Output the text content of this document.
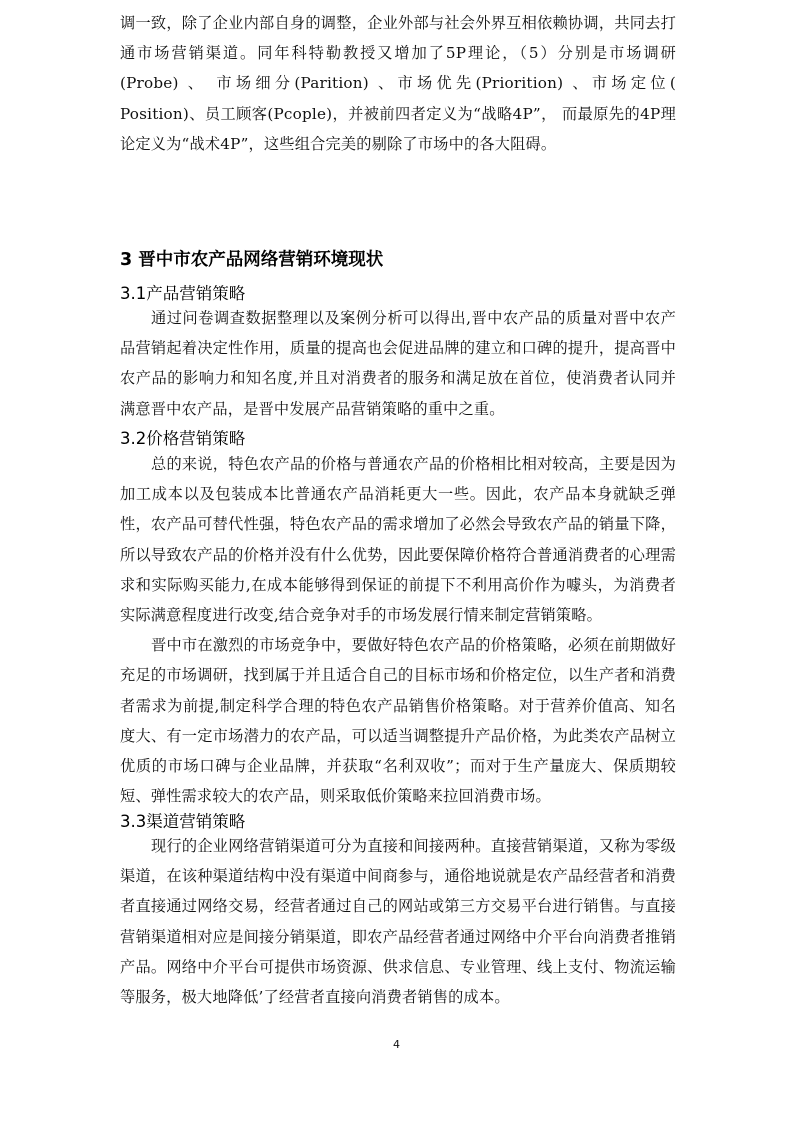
调一致，除了企业内部自身的调整，企业外部与社会外界互相依赖协调，共同去打通市场营销渠道。同年科特勒教授又增加了5P理论，（5）分别是市场调研(Probe) 、 市场细分(Parition) 、市场优先(Priorition) 、市场定位( Position)、员工顾客(Pcople)，并被前四者定义为“战略4P”， 而最原先的4P理论定义为“战术4P”，这些组合完美的剔除了市场中的各大阻碍。

3 晋中市农产品网络营销环境现状
3.1产品营销策略

通过问卷调查数据整理以及案例分析可以得出,晋中农产品的质量对晋中农产品营销起着决定性作用，质量的提高也会促进品牌的建立和口碑的提升，提高晋中农产品的影响力和知名度,并且对消费者的服务和满足放在首位，使消费者认同并满意晋中农产品，是晋中发展产品营销策略的重中之重。

3.2价格营销策略

总的来说，特色农产品的价格与普通农产品的价格相比相对较高，主要是因为加工成本以及包装成本比普通农产品消耗更大一些。因此，农产品本身就缺乏弹性，农产品可替代性强，特色农产品的需求增加了必然会导致农产品的销量下降，所以导致农产品的价格并没有什么优势，因此要保障价格符合普通消费者的心理需求和实际购买能力,在成本能够得到保证的前提下不利用高价作为噱头，为消费者实际满意程度进行改变,结合竞争对手的市场发展行情来制定营销策略。

晋中市在激烈的市场竞争中，要做好特色农产品的价格策略，必须在前期做好充足的市场调研，找到属于并且适合自己的目标市场和价格定位，以生产者和消费者需求为前提,制定科学合理的特色农产品销售价格策略。对于营养价值高、知名度大、有一定市场潜力的农产品，可以适当调整提升产品价格，为此类农产品树立优质的市场口碑与企业品牌，并获取“名利双收”；而对于生产量庞大、保质期较短、弹性需求较大的农产品，则采取低价策略来拉回消费市场。

3.3渠道营销策略

现行的企业网络营销渠道可分为直接和间接两种。直接营销渠道，又称为零级渠道，在该种渠道结构中没有渠道中间商参与，通俗地说就是农产品经营者和消费者直接通过网络交易，经营者通过自己的网站或第三方交易平台进行销售。与直接营销渠道相对应是间接分销渠道，即农产品经营者通过网络中介平台向消费者推销产品。网络中介平台可提供市场资源、供求信息、专业管理、线上支付、物流运输等服务，极大地降低’了经营者直接向消费者销售的成本。

4
